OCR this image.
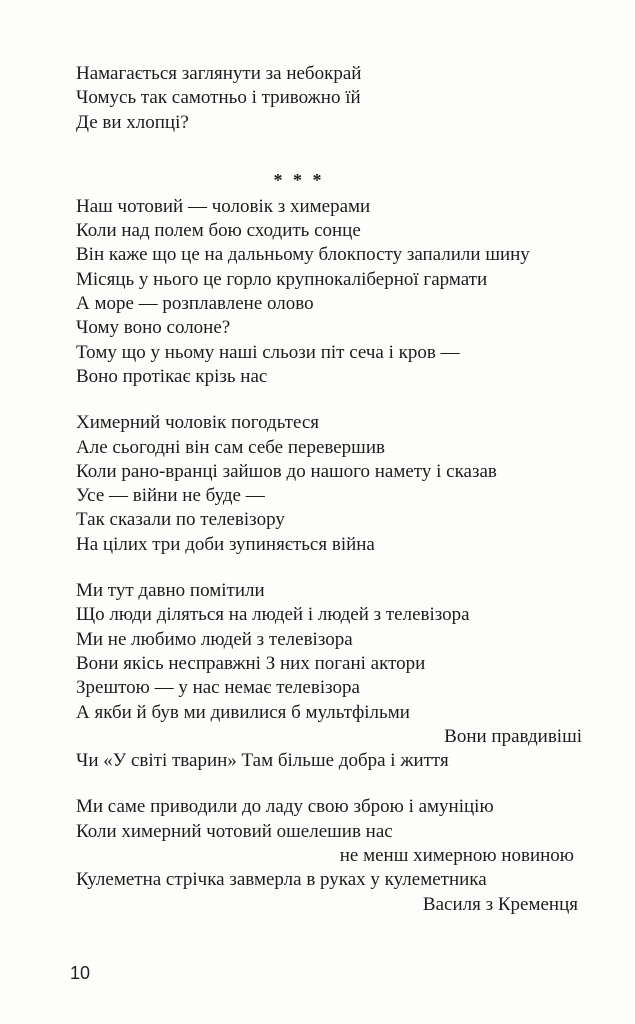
Намагається заглянути за небокрай
Чомусь так самотньо і тривожно їй
Де ви хлопці?
* * *
Наш чотовий — чоловік з химерами
Коли над полем бою сходить сонце
Він каже що це на дальньому блокпосту запалили шину
Місяць у нього це горло крупнокаліберної гармати
А море — розплавлене олово
Чому воно солоне?
Тому що у ньому наші сльози піт сеча і кров —
Воно протікає крізь нас
Химерний чоловік погодьтеся
Але сьогодні він сам себе перевершив
Коли рано-вранці зайшов до нашого намету і сказав
Усе — війни не буде —
Так сказали по телевізору
На цілих три доби зупиняється війна
Ми тут давно помітили
Що люди діляться на людей і людей з телевізора
Ми не любимо людей з телевізора
Вони якісь несправжні З них погані актори
Зрештою — у нас немає телевізора
А якби й був ми дивилися б мультфільми
Вони правдивіші
Чи «У світі тварин» Там більше добра і життя
Ми саме приводили до ладу свою зброю і амуніцію
Коли химерний чотовий ошелешив нас
не менш химерною новиною
Кулеметна стрічка завмерла в руках у кулеметника
Василя з Кременця
10
